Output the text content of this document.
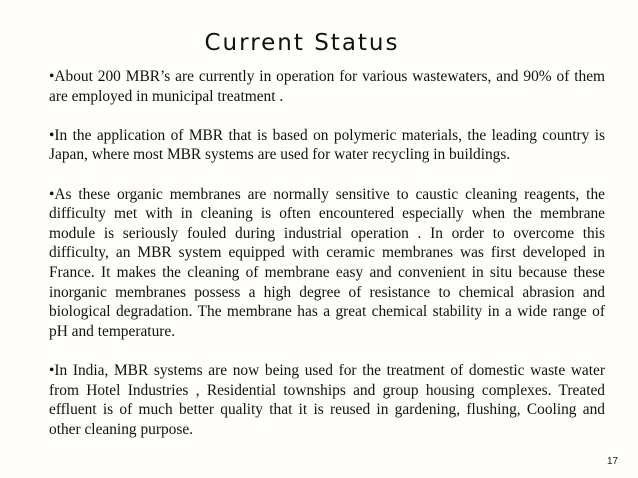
Current Status

•About 200 MBR’s are currently in operation for various wastewaters, and 90% of them are employed in municipal treatment .

•In the application of MBR that is based on polymeric materials, the leading country is Japan, where most MBR systems are used for water recycling in buildings.

•As these organic membranes are normally sensitive to caustic cleaning reagents, the difficulty met with in cleaning is often encountered especially when the membrane module is seriously fouled during industrial operation . In order to overcome this difficulty, an MBR system equipped with ceramic membranes was first developed in France. It makes the cleaning of membrane easy and convenient in situ because these inorganic membranes possess a high degree of resistance to chemical abrasion and biological degradation. The membrane has a great chemical stability in a wide range of pH and temperature.

•In India, MBR systems are now being used for the treatment of domestic waste water from Hotel Industries , Residential townships and group housing complexes. Treated effluent is of much better quality that it is reused in gardening, flushing, Cooling and other cleaning purpose.

17
